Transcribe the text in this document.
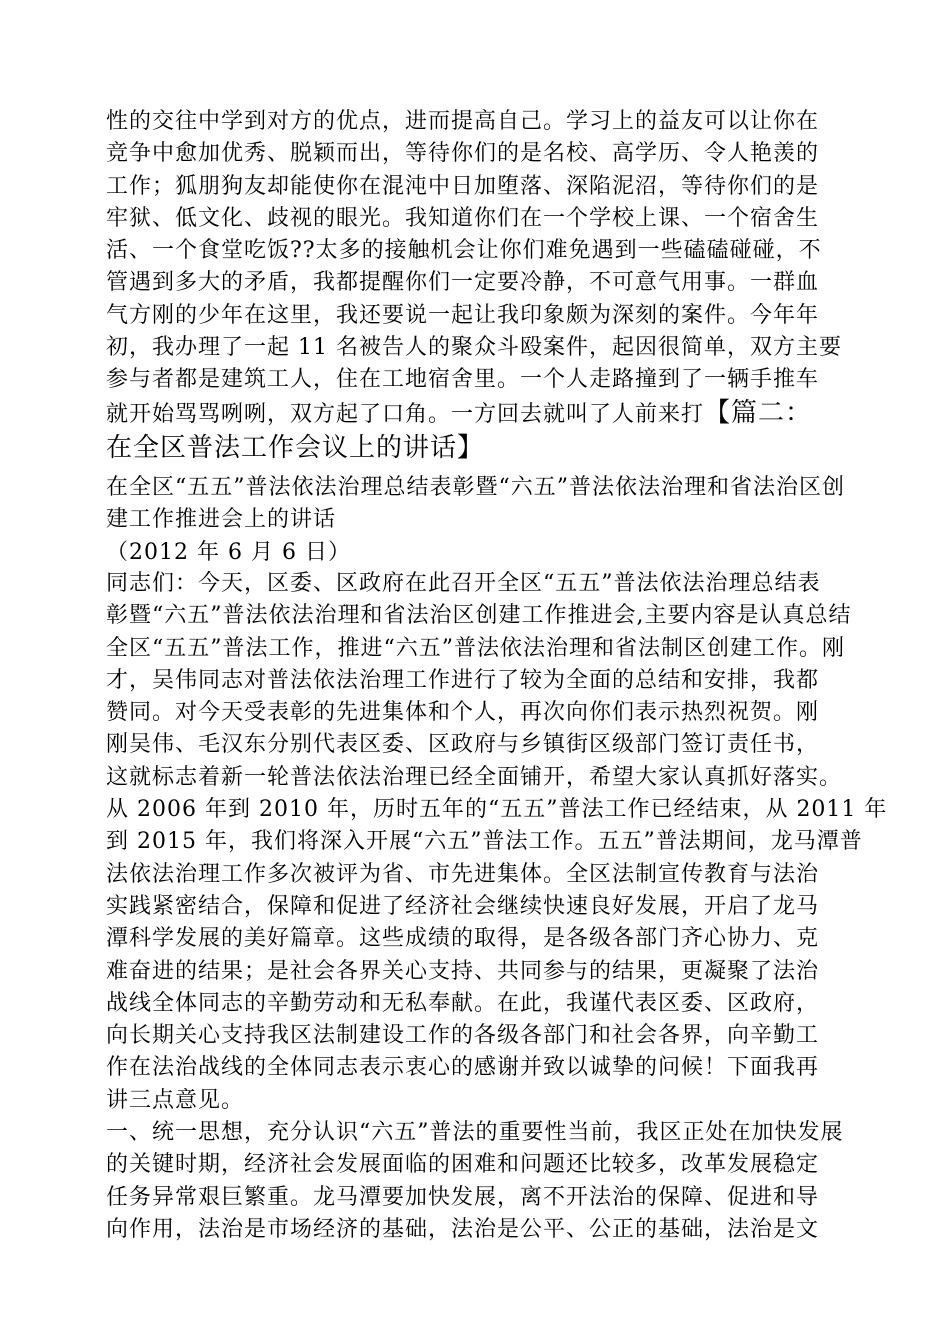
性的交往中学到对方的优点，进而提高自己。学习上的益友可以让你在
竞争中愈加优秀、脱颖而出，等待你们的是名校、高学历、令人艳羡的
工作；狐朋狗友却能使你在混沌中日加堕落、深陷泥沼，等待你们的是
牢狱、低文化、歧视的眼光。我知道你们在一个学校上课、一个宿舍生
活、一个食堂吃饭??太多的接触机会让你们难免遇到一些磕磕碰碰，不
管遇到多大的矛盾，我都提醒你们一定要冷静，不可意气用事。一群血
气方刚的少年在这里，我还要说一起让我印象颇为深刻的案件。今年年
初，我办理了一起 11 名被告人的聚众斗殴案件，起因很简单，双方主要
参与者都是建筑工人，住在工地宿舍里。一个人走路撞到了一辆手推车
就开始骂骂咧咧，双方起了口角。一方回去就叫了人前来打【篇二：
在全区普法工作会议上的讲话】
在全区“五五”普法依法治理总结表彰暨“六五”普法依法治理和省法治区创
建工作推进会上的讲话
（2012 年 6 月 6 日）
同志们：今天，区委、区政府在此召开全区“五五”普法依法治理总结表
彰暨“六五”普法依法治理和省法治区创建工作推进会,主要内容是认真总结
全区“五五”普法工作，推进“六五”普法依法治理和省法制区创建工作。刚
才，吴伟同志对普法依法治理工作进行了较为全面的总结和安排，我都
赞同。对今天受表彰的先进集体和个人，再次向你们表示热烈祝贺。刚
刚吴伟、毛汉东分别代表区委、区政府与乡镇街区级部门签订责任书，
这就标志着新一轮普法依法治理已经全面铺开，希望大家认真抓好落实。
从 2006 年到 2010 年，历时五年的“五五”普法工作已经结束，从 2011 年
到 2015 年，我们将深入开展“六五”普法工作。五五”普法期间，龙马潭普
法依法治理工作多次被评为省、市先进集体。全区法制宣传教育与法治
实践紧密结合，保障和促进了经济社会继续快速良好发展，开启了龙马
潭科学发展的美好篇章。这些成绩的取得，是各级各部门齐心协力、克
难奋进的结果；是社会各界关心支持、共同参与的结果，更凝聚了法治
战线全体同志的辛勤劳动和无私奉献。在此，我谨代表区委、区政府，
向长期关心支持我区法制建设工作的各级各部门和社会各界，向辛勤工
作在法治战线的全体同志表示衷心的感谢并致以诚挚的问候！下面我再
讲三点意见。
一、统一思想，充分认识“六五”普法的重要性当前，我区正处在加快发展
的关键时期，经济社会发展面临的困难和问题还比较多，改革发展稳定
任务异常艰巨繁重。龙马潭要加快发展，离不开法治的保障、促进和导
向作用，法治是市场经济的基础，法治是公平、公正的基础，法治是文
